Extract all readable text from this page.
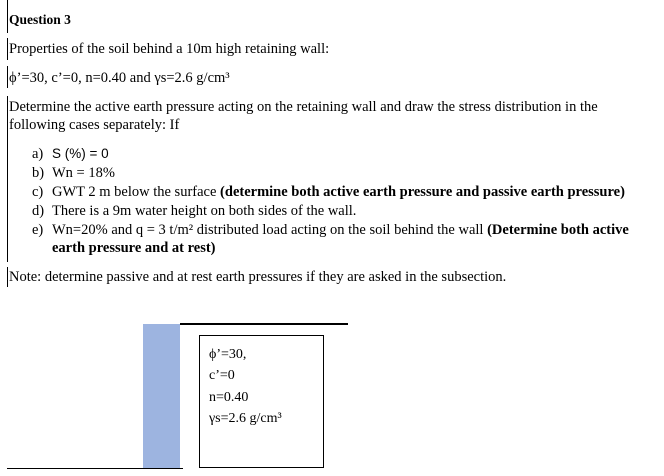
Question 3
Properties of the soil behind a 10m high retaining wall:
ϕ’=30, c’=0, n=0.40 and γs=2.6 g/cm³
Determine the active earth pressure acting on the retaining wall and draw the stress distribution in the
following cases separately: If
a) S (%) = 0
b) Wn = 18%
c) GWT 2 m below the surface (determine both active earth pressure and passive earth pressure)
d) There is a 9m water height on both sides of the wall.
e) Wn=20% and q = 3 t/m² distributed load acting on the soil behind the wall (Determine both active
earth pressure and at rest)
Note: determine passive and at rest earth pressures if they are asked in the subsection.
ϕ’=30,
c’=0
n=0.40
γs=2.6 g/cm³
